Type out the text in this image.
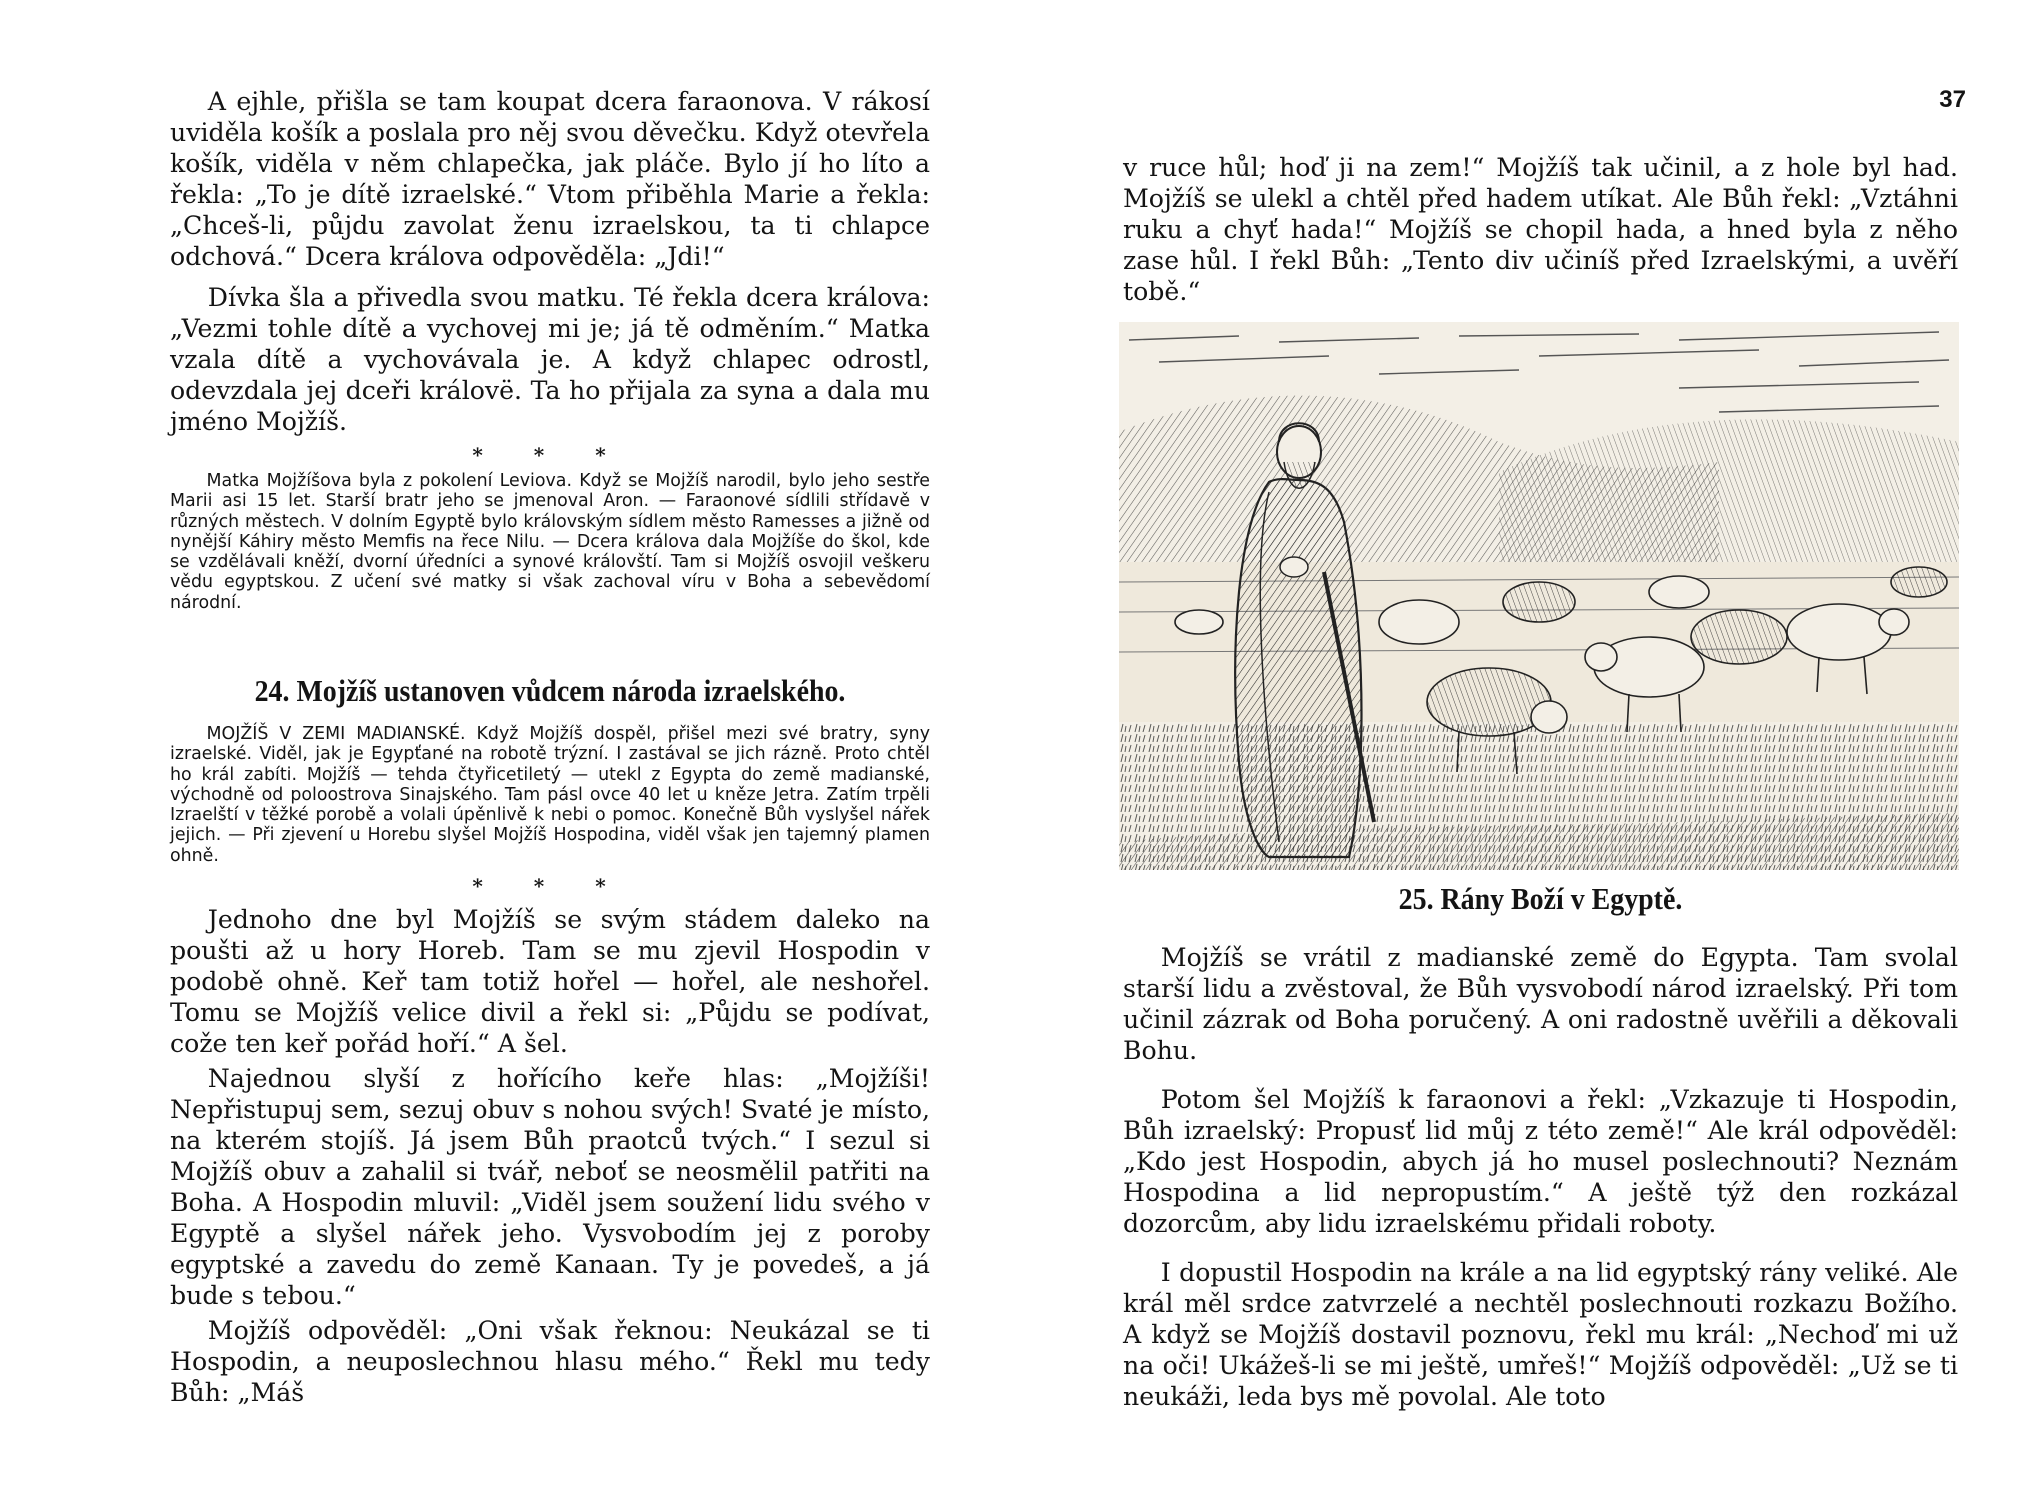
A ejhle, přišla se tam koupat dcera faraonova. V rákosí uviděla košík a poslala pro něj svou děvečku. Když otevřela košík, viděla v něm chlapečka, jak pláče. Bylo jí ho líto a řekla: „To je dítě izraelské.“ Vtom přiběhla Marie a řekla: „Chceš-li, půjdu zavolat ženu izraelskou, ta ti chlapce odchová.“ Dcera králova odpověděla: „Jdi!“

Dívka šla a přivedla svou matku. Té řekla dcera králova: „Vezmi tohle dítě a vychovej mi je; já tě odměním.“ Matka vzala dítě a vychovávala je. A když chlapec odrostl, odevzdala jej dceři královë. Ta ho přijala za syna a dala mu jméno Mojžíš.

* * *

Matka Mojžíšova byla z pokolení Leviova. Když se Mojžíš narodil, bylo jeho sestře Marii asi 15 let. Starší bratr jeho se jmenoval Aron. — Faraonové sídlili střídavě v různých městech. V dolním Egyptě bylo královským sídlem město Ramesses a jižně od nynější Káhiry město Memfis na řece Nilu. — Dcera králova dala Mojžíše do škol, kde se vzdělávali kněží, dvorní úředníci a synové královští. Tam si Mojžíš osvojil veškeru vědu egyptskou. Z učení své matky si však zachoval víru v Boha a sebevědomí národní.

24. Mojžíš ustanoven vůdcem národa izraelského.

MOJŽÍŠ V ZEMI MADIANSKÉ. Když Mojžíš dospěl, přišel mezi své bratry, syny izraelské. Viděl, jak je Egypťané na robotě trýzní. I zastával se jich rázně. Proto chtěl ho král zabíti. Mojžíš — tehda čtyřicetiletý — utekl z Egypta do země madianské, východně od poloostrova Sinajského. Tam pásl ovce 40 let u kněze Jetra. Zatím trpěli Izraelští v těžké porobě a volali úpěnlivě k nebi o pomoc. Konečně Bůh vyslyšel nářek jejich. — Při zjevení u Horebu slyšel Mojžíš Hospodina, viděl však jen tajemný plamen ohně.

* * *

Jednoho dne byl Mojžíš se svým stádem daleko na poušti až u hory Horeb. Tam se mu zjevil Hospodin v podobě ohně. Keř tam totiž hořel — hořel, ale neshořel. Tomu se Mojžíš velice divil a řekl si: „Půjdu se podívat, cože ten keř pořád hoří.“ A šel.

Najednou slyší z hořícího keře hlas: „Mojžíši! Nepřistupuj sem, sezuj obuv s nohou svých! Svaté je místo, na kterém stojíš. Já jsem Bůh praotců tvých.“ I sezul si Mojžíš obuv a zahalil si tvář, neboť se neosmělil patřiti na Boha. A Hospodin mluvil: „Viděl jsem soužení lidu svého v Egyptě a slyšel nářek jeho. Vysvobodím jej z poroby egyptské a zavedu do země Kanaan. Ty je povedeš, a já bude s tebou.“

Mojžíš odpověděl: „Oni však řeknou: Neukázal se ti Hospodin, a neuposlechnou hlasu mého.“ Řekl mu tedy Bůh: „Máš

37

v ruce hůl; hoď ji na zem!“ Mojžíš tak učinil, a z hole byl had. Mojžíš se ulekl a chtěl před hadem utíkat. Ale Bůh řekl: „Vztáhni ruku a chyť hada!“ Mojžíš se chopil hada, a hned byla z něho zase hůl. I řekl Bůh: „Tento div učiníš před Izraelskými, a uvěří tobě.“

25. Rány Boží v Egyptě.

Mojžíš se vrátil z madianské země do Egypta. Tam svolal starší lidu a zvěstoval, že Bůh vysvobodí národ izraelský. Při tom učinil zázrak od Boha poručený. A oni radostně uvěřili a děkovali Bohu.

Potom šel Mojžíš k faraonovi a řekl: „Vzkazuje ti Hospodin, Bůh izraelský: Propusť lid můj z této země!“ Ale král odpověděl: „Kdo jest Hospodin, abych já ho musel poslechnouti? Neznám Hospodina a lid nepropustím.“ A ještě týž den rozkázal dozorcům, aby lidu izraelskému přidali roboty.

I dopustil Hospodin na krále a na lid egyptský rány veliké. Ale král měl srdce zatvrzelé a nechtěl poslechnouti rozkazu Božího. A když se Mojžíš dostavil poznovu, řekl mu král: „Nechoď mi už na oči! Ukážeš-li se mi ještě, umřeš!“ Mojžíš odpověděl: „Už se ti neukáži, leda bys mě povolal. Ale toto
